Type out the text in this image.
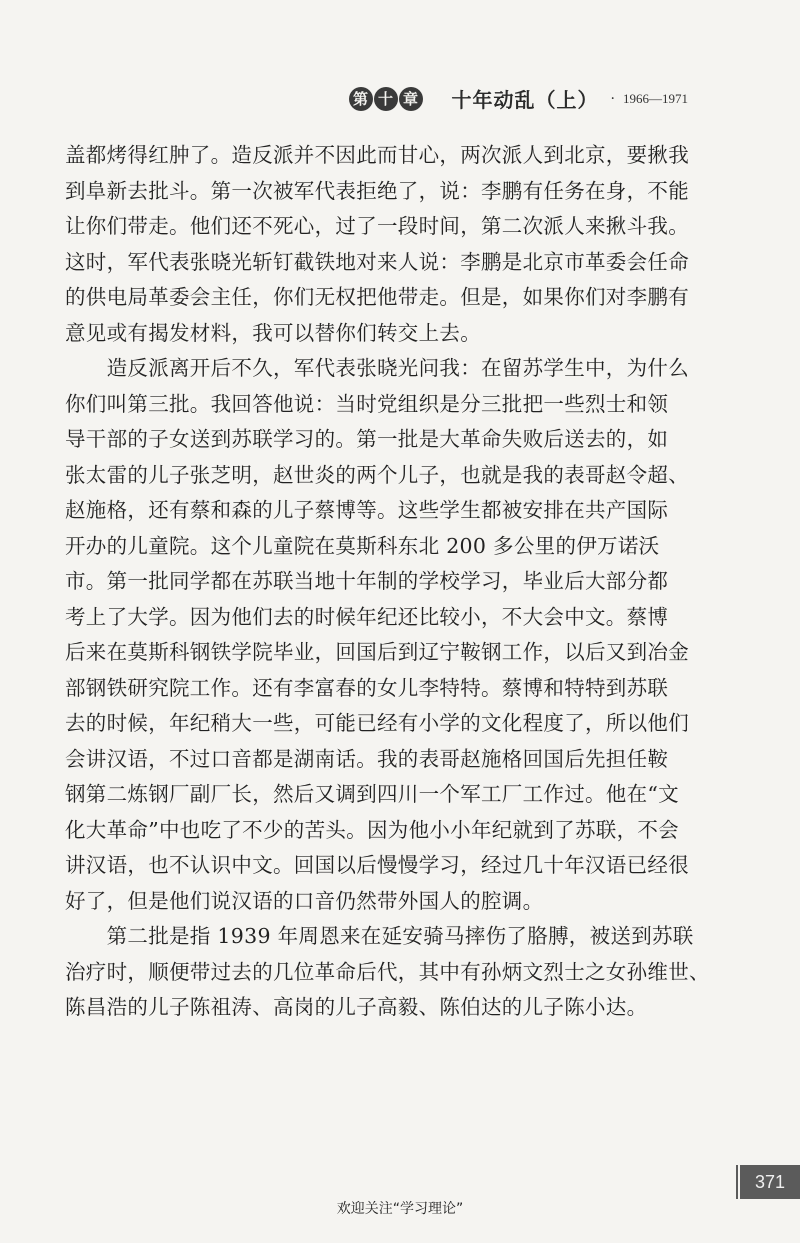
第 十 章 十年动乱（上） · 1966—1971

盖都烤得红肿了。造反派并不因此而甘心，两次派人到北京，要揪我
到阜新去批斗。第一次被军代表拒绝了，说：李鹏有任务在身，不能
让你们带走。他们还不死心，过了一段时间，第二次派人来揪斗我。
这时，军代表张晓光斩钉截铁地对来人说：李鹏是北京市革委会任命
的供电局革委会主任，你们无权把他带走。但是，如果你们对李鹏有
意见或有揭发材料，我可以替你们转交上去。

　　造反派离开后不久，军代表张晓光问我：在留苏学生中，为什么
你们叫第三批。我回答他说：当时党组织是分三批把一些烈士和领
导干部的子女送到苏联学习的。第一批是大革命失败后送去的，如
张太雷的儿子张芝明，赵世炎的两个儿子，也就是我的表哥赵令超、
赵施格，还有蔡和森的儿子蔡博等。这些学生都被安排在共产国际
开办的儿童院。这个儿童院在莫斯科东北 200 多公里的伊万诺沃
市。第一批同学都在苏联当地十年制的学校学习，毕业后大部分都
考上了大学。因为他们去的时候年纪还比较小，不大会中文。蔡博
后来在莫斯科钢铁学院毕业，回国后到辽宁鞍钢工作，以后又到冶金
部钢铁研究院工作。还有李富春的女儿李特特。蔡博和特特到苏联
去的时候，年纪稍大一些，可能已经有小学的文化程度了，所以他们
会讲汉语，不过口音都是湖南话。我的表哥赵施格回国后先担任鞍
钢第二炼钢厂副厂长，然后又调到四川一个军工厂工作过。他在“文
化大革命”中也吃了不少的苦头。因为他小小年纪就到了苏联，不会
讲汉语，也不认识中文。回国以后慢慢学习，经过几十年汉语已经很
好了，但是他们说汉语的口音仍然带外国人的腔调。

　　第二批是指 1939 年周恩来在延安骑马摔伤了胳膊，被送到苏联
治疗时，顺便带过去的几位革命后代，其中有孙炳文烈士之女孙维世、
陈昌浩的儿子陈祖涛、高岗的儿子高毅、陈伯达的儿子陈小达。

371
欢迎关注“学习理论”
